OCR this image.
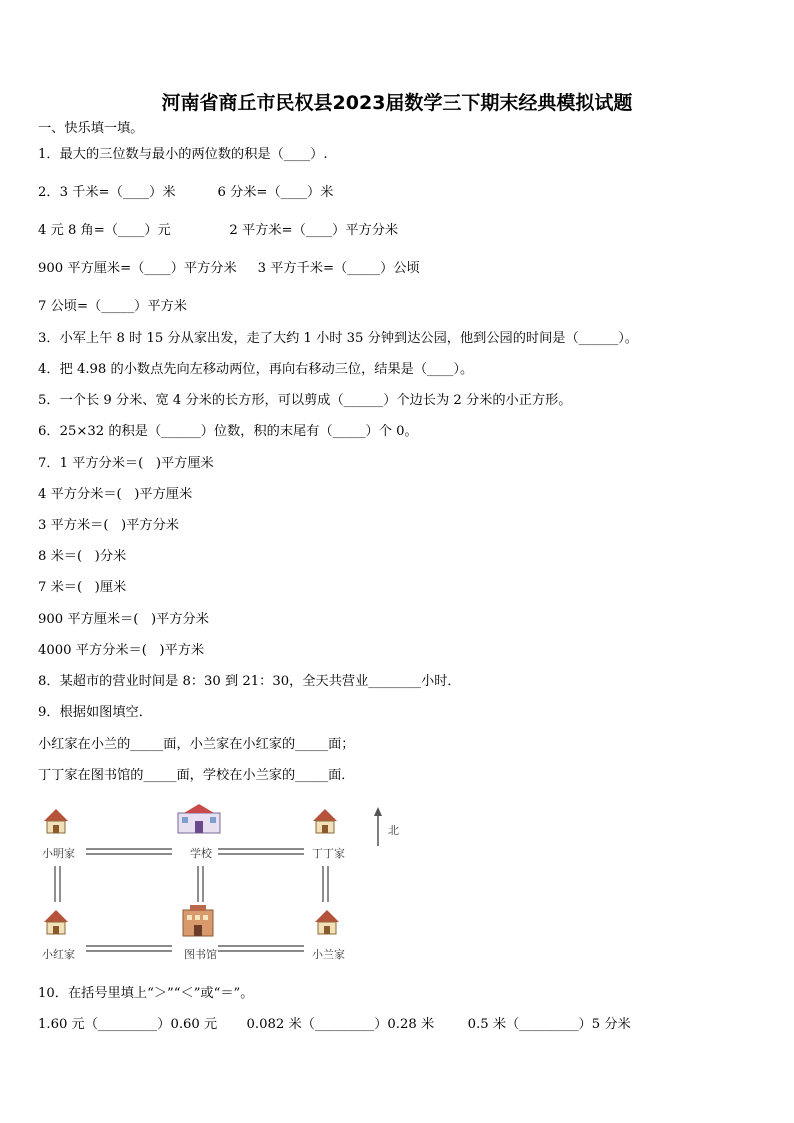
河南省商丘市民权县2023届数学三下期末经典模拟试题
一、快乐填一填。
1．最大的三位数与最小的两位数的积是（____）.
2．3 千米=（____）米          6 分米=（____）米
4 元 8 角=（____）元              2 平方米=（____）平方分米
900 平方厘米=（____）平方分米     3 平方千米=（_____）公顷
7 公顷=（_____）平方米
3．小军上午 8 时 15 分从家出发，走了大约 1 小时 35 分钟到达公园，他到公园的时间是（______）。
4．把 4.98 的小数点先向左移动两位，再向右移动三位，结果是（____）。
5．一个长 9 分米、宽 4 分米的长方形，可以剪成（______）个边长为 2 分米的小正方形。
6．25×32 的积是（______）位数，积的末尾有（_____）个 0。
7．1 平方分米＝(   )平方厘米
4 平方分米＝(   )平方厘米
3 平方米＝(   )平方分米
8 米＝(   )分米
7 米＝(   )厘米
900 平方厘米＝(   )平方分米
4000 平方分米＝(   )平方米
8．某超市的营业时间是 8：30 到 21：30，全天共营业________小时．
9．根据如图填空．
小红家在小兰的_____面，小兰家在小红家的_____面；
丁丁家在图书馆的_____面，学校在小兰家的_____面．
小明家	学校	丁丁家
小红家	图书馆	小兰家
北
10．在括号里填上“＞”“＜”或“＝”。
1.60 元（_________）0.60 元       0.082 米（_________）0.28 米        0.5 米（_________）5 分米
